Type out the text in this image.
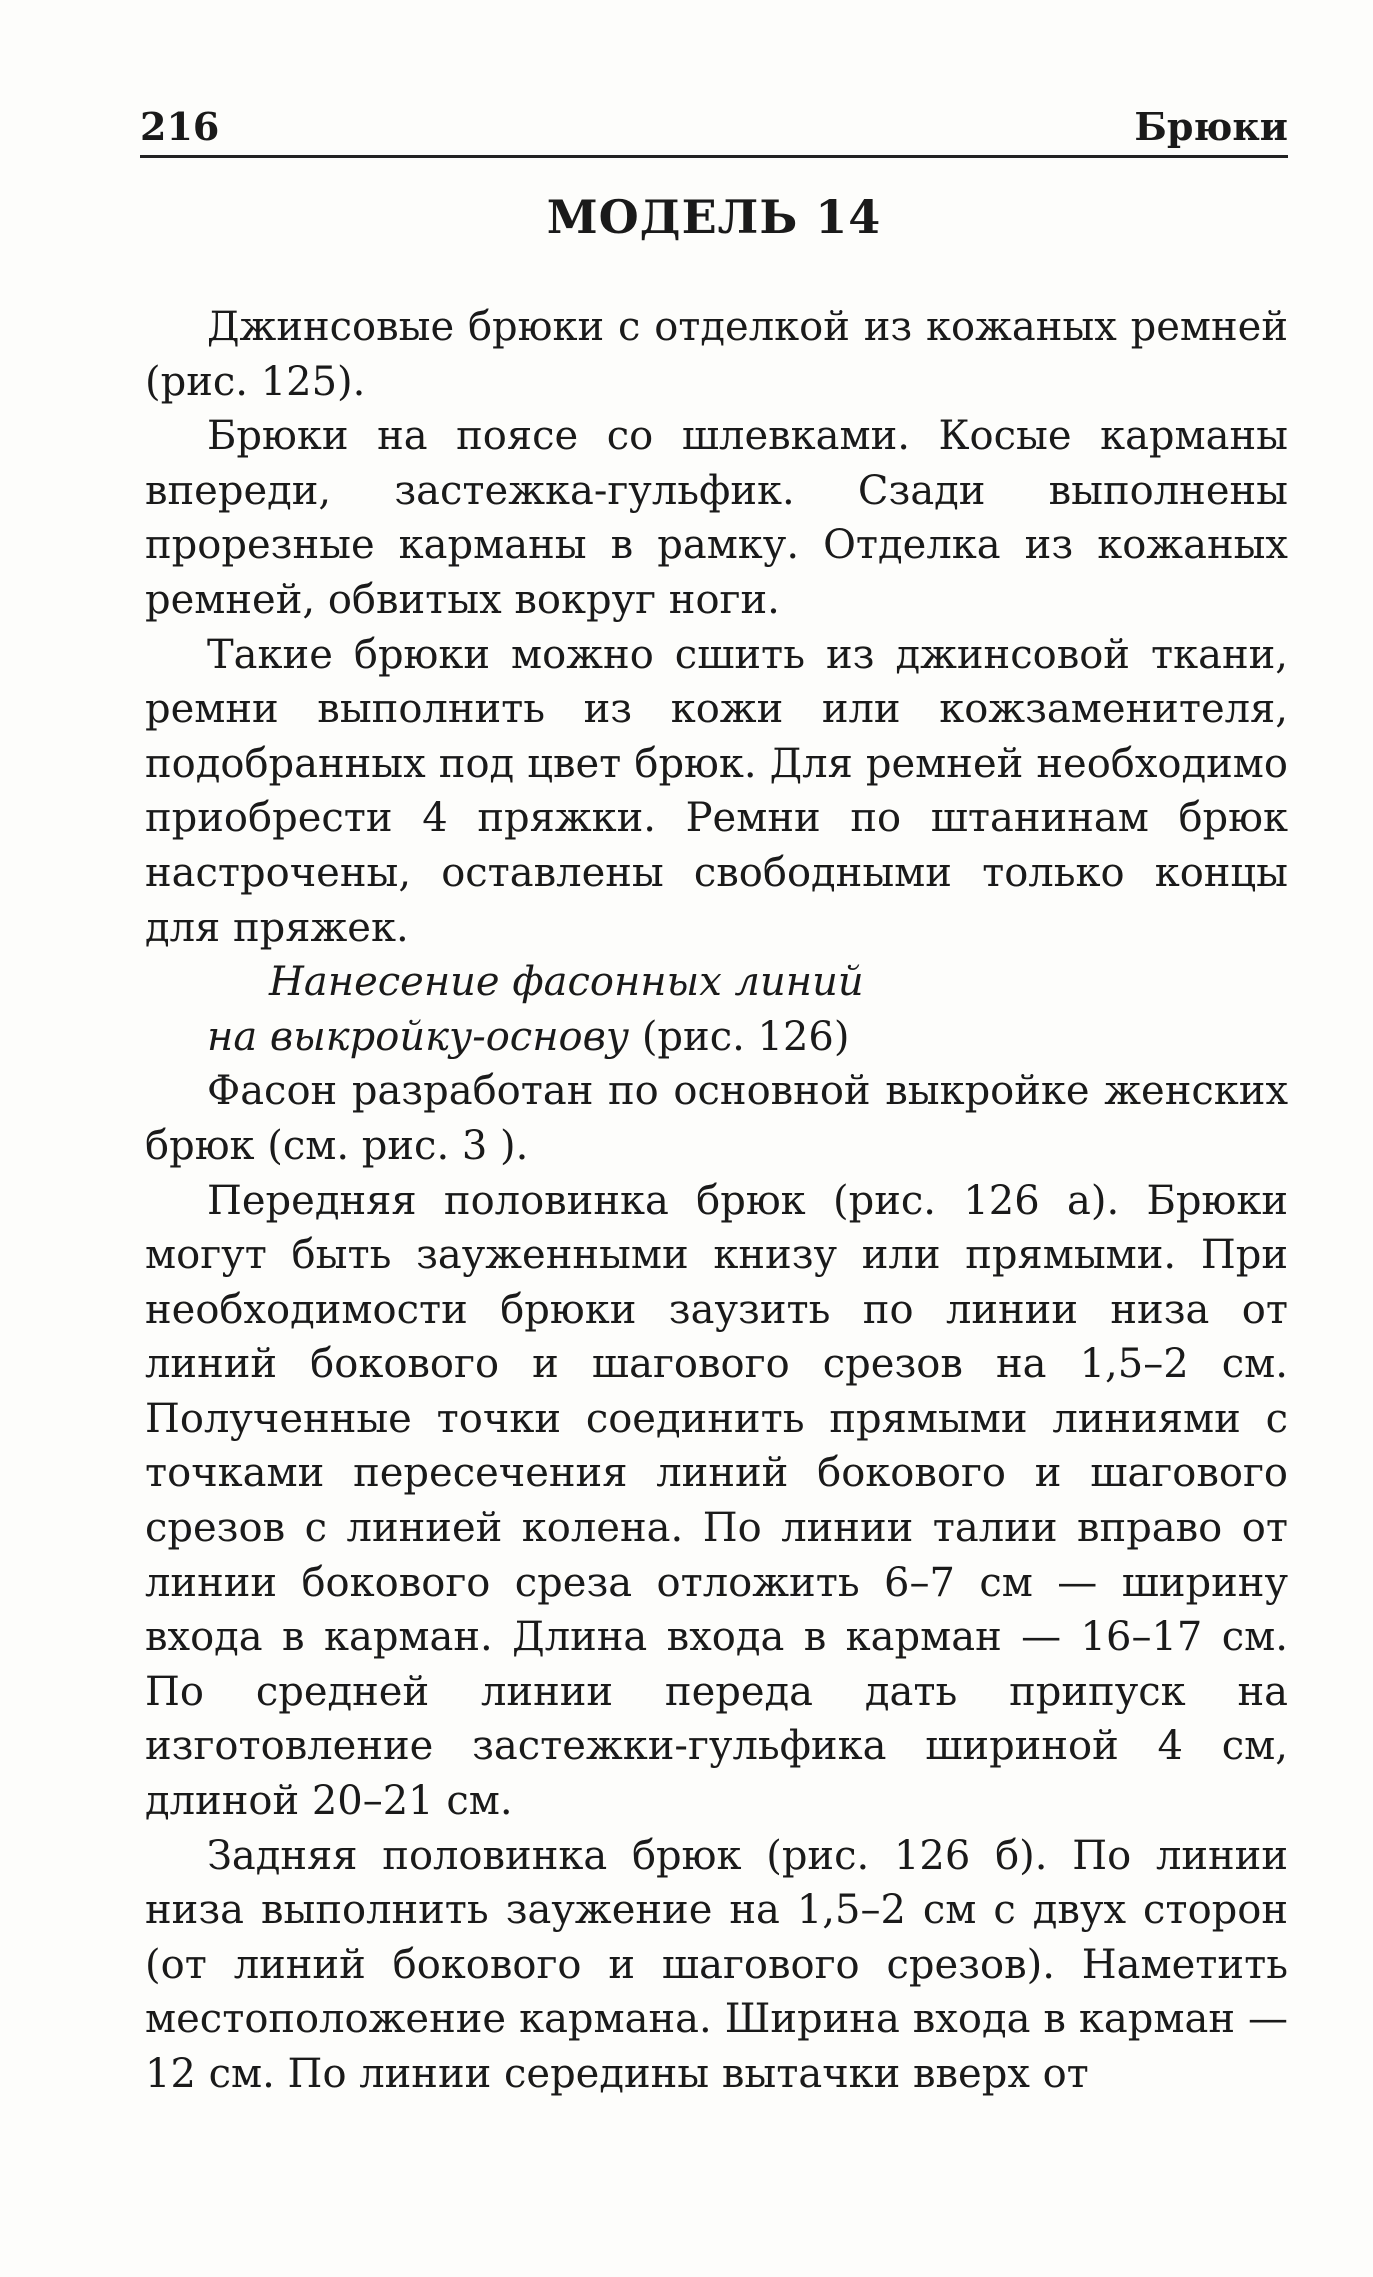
216	Брюки
МОДЕЛЬ 14

Джинсовые брюки с отделкой из кожаных ремней (рис. 125).

Брюки на поясе со шлевками. Косые карманы впереди, застежка-гульфик. Сзади выполнены прорезные карманы в рамку. Отделка из кожаных ремней, обвитых вокруг ноги.

Такие брюки можно сшить из джинсовой ткани, ремни выполнить из кожи или кожзаменителя, подобранных под цвет брюк. Для ремней необходимо приобрести 4 пряжки. Ремни по штанинам брюк настрочены, оставлены свободными только концы для пряжек.

Нанесение фасонных линий
на выкройку-основу (рис. 126)

Фасон разработан по основной выкройке женских брюк (см. рис. 3 ).

Передняя половинка брюк (рис. 126 а). Брюки могут быть зауженными книзу или прямыми. При необходимости брюки заузить по линии низа от линий бокового и шагового срезов на 1,5–2 см. Полученные точки соединить прямыми линиями с точками пересечения линий бокового и шагового срезов с линией колена. По линии талии вправо от линии бокового среза отложить 6–7 см — ширину входа в карман. Длина входа в карман — 16–17 см. По средней линии переда дать припуск на изготовление застежки-гульфика шириной 4 см, длиной 20–21 см.

Задняя половинка брюк (рис. 126 б). По линии низа выполнить заужение на 1,5–2 см с двух сторон (от линий бокового и шагового срезов). Наметить местоположение кармана. Ширина входа в карман — 12 см. По линии середины вытачки вверх от
